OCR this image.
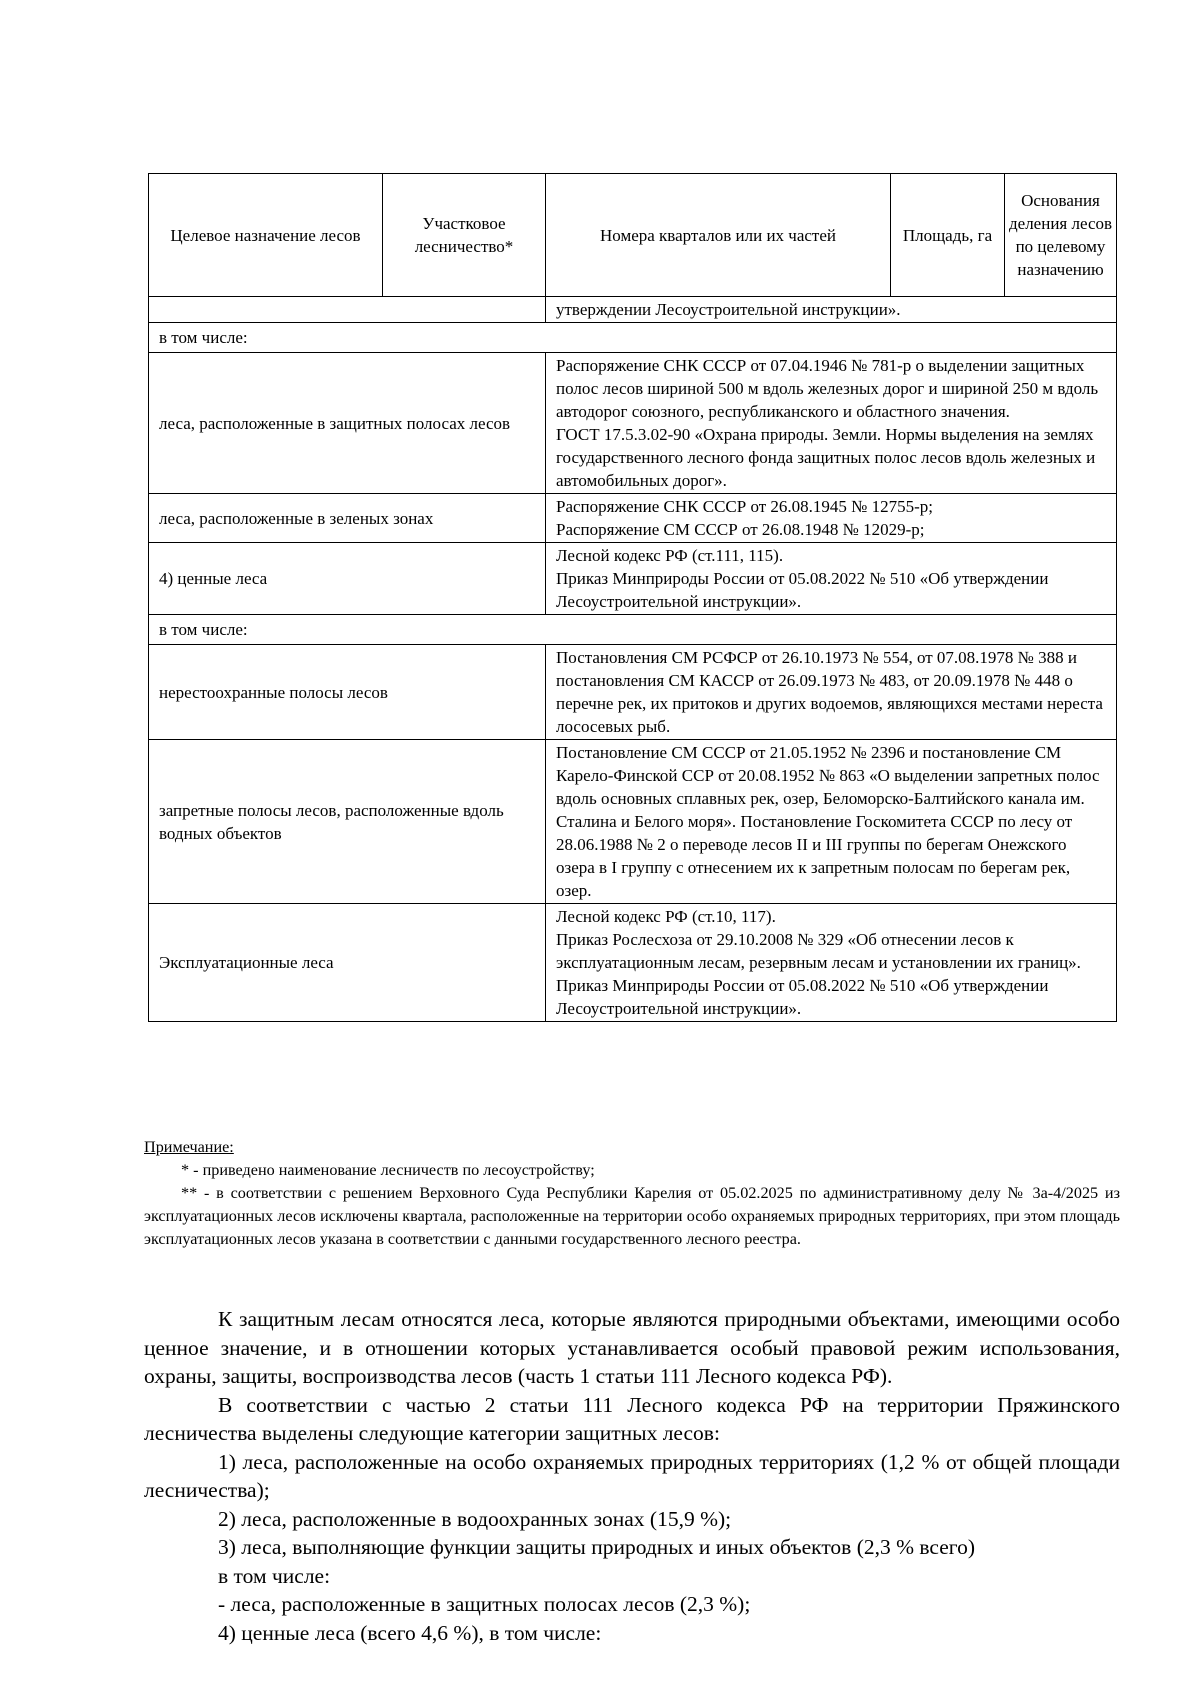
Целевое назначение лесов	Участковое лесничество*	Номера кварталов или их частей	Площадь, га	Основания деления лесов по целевому назначению
		утверждении Лесоустроительной инструкции».		
в том числе:				
леса, расположенные в защитных полосах лесов		Распоряжение СНК СССР от 07.04.1946 № 781-р о выделении защитных полос лесов шириной 500 м вдоль железных дорог и шириной 250 м вдоль автодорог союзного, республиканского и областного значения.
ГОСТ 17.5.3.02-90 «Охрана природы. Земли. Нормы выделения на землях государственного лесного фонда защитных полос лесов вдоль железных и автомобильных дорог».		
леса, расположенные в зеленых зонах		Распоряжение СНК СССР от 26.08.1945 № 12755-р;
Распоряжение СМ СССР от 26.08.1948 № 12029-р;		
4) ценные леса		Лесной кодекс РФ (ст.111, 115).
Приказ Минприроды России от 05.08.2022 № 510 «Об утверждении Лесоустроительной инструкции».		
в том числе:				
нерестоохранные полосы лесов		Постановления СМ РСФСР от 26.10.1973 № 554, от 07.08.1978 № 388 и постановления СМ КАССР от 26.09.1973 № 483, от 20.09.1978 № 448 о перечне рек, их притоков и других водоемов, являющихся местами нереста лососевых рыб.		
запретные полосы лесов, расположенные вдоль водных объектов		Постановление СМ СССР от 21.05.1952 № 2396 и постановление СМ Карело-Финской ССР от 20.08.1952 № 863 «О выделении запретных полос вдоль основных сплавных рек, озер, Беломорско-Балтийского канала им. Сталина и Белого моря». Постановление Госкомитета СССР по лесу от 28.06.1988 № 2 о переводе лесов II и III группы по берегам Онежского озера в I группу с отнесением их к запретным полосам по берегам рек, озер.		
Эксплуатационные леса		Лесной кодекс РФ (ст.10, 117).
Приказ Рослесхоза от 29.10.2008 № 329 «Об отнесении лесов к эксплуатационным лесам, резервным лесам и установлении их границ». Приказ Минприроды России от 05.08.2022 № 510 «Об утверждении Лесоустроительной инструкции».		
Примечание:

* - приведено наименование лесничеств по лесоустройству;

** - в соответствии с решением Верховного Суда Республики Карелия от 05.02.2025 по административному делу № 3а-4/2025 из эксплуатационных лесов исключены квартала, расположенные на территории особо охраняемых природных территориях, при этом площадь эксплуатационных лесов указана в соответствии с данными государственного лесного реестра.

К защитным лесам относятся леса, которые являются природными объектами, имеющими особо ценное значение, и в отношении которых устанавливается особый правовой режим использования, охраны, защиты, воспроизводства лесов (часть 1 статьи 111 Лесного кодекса РФ).

В соответствии с частью 2 статьи 111 Лесного кодекса РФ на территории Пряжинского лесничества выделены следующие категории защитных лесов:

1) леса, расположенные на особо охраняемых природных территориях (1,2 % от общей площади лесничества);

2) леса, расположенные в водоохранных зонах (15,9 %);

3) леса, выполняющие функции защиты природных и иных объектов (2,3 % всего)

в том числе:

- леса, расположенные в защитных полосах лесов (2,3 %);

4) ценные леса (всего 4,6 %), в том числе:
